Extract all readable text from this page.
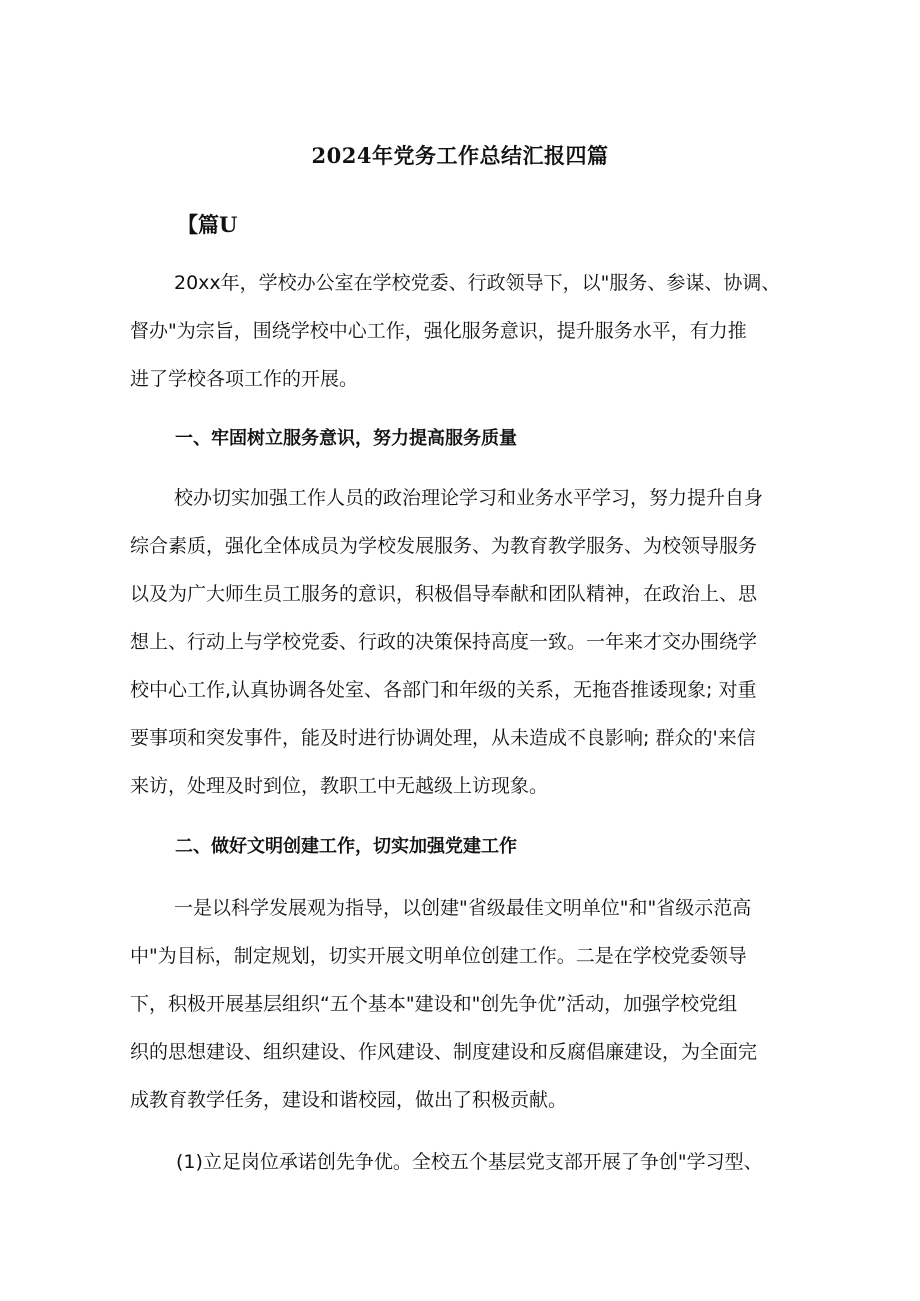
2024年党务工作总结汇报四篇
【篇U
20xx年，学校办公室在学校党委、行政领导下，以"服务、参谋、协调、
督办"为宗旨，围绕学校中心工作，强化服务意识，提升服务水平，有力推
进了学校各项工作的开展。
一、牢固树立服务意识，努力提高服务质量
校办切实加强工作人员的政治理论学习和业务水平学习，努力提升自身
综合素质，强化全体成员为学校发展服务、为教育教学服务、为校领导服务
以及为广大师生员工服务的意识，积极倡导奉献和团队精神，在政治上、思
想上、行动上与学校党委、行政的决策保持高度一致。一年来才交办围绕学
校中心工作,认真协调各处室、各部门和年级的关系，无拖沓推诿现象; 对重
要事项和突发事件，能及时进行协调处理，从未造成不良影响; 群众的'来信
来访，处理及时到位，教职工中无越级上访现象。
二、做好文明创建工作，切实加强党建工作
一是以科学发展观为指导，以创建"省级最佳文明单位"和"省级示范高
中"为目标，制定规划，切实开展文明单位创建工作。二是在学校党委领导
下，积极开展基层组织“五个基本"建设和"创先争优”活动，加强学校党组
织的思想建设、组织建设、作风建设、制度建设和反腐倡廉建设，为全面完
成教育教学任务，建设和谐校园，做出了积极贡献。
(1)立足岗位承诺创先争优。全校五个基层党支部开展了争创"学习型、
